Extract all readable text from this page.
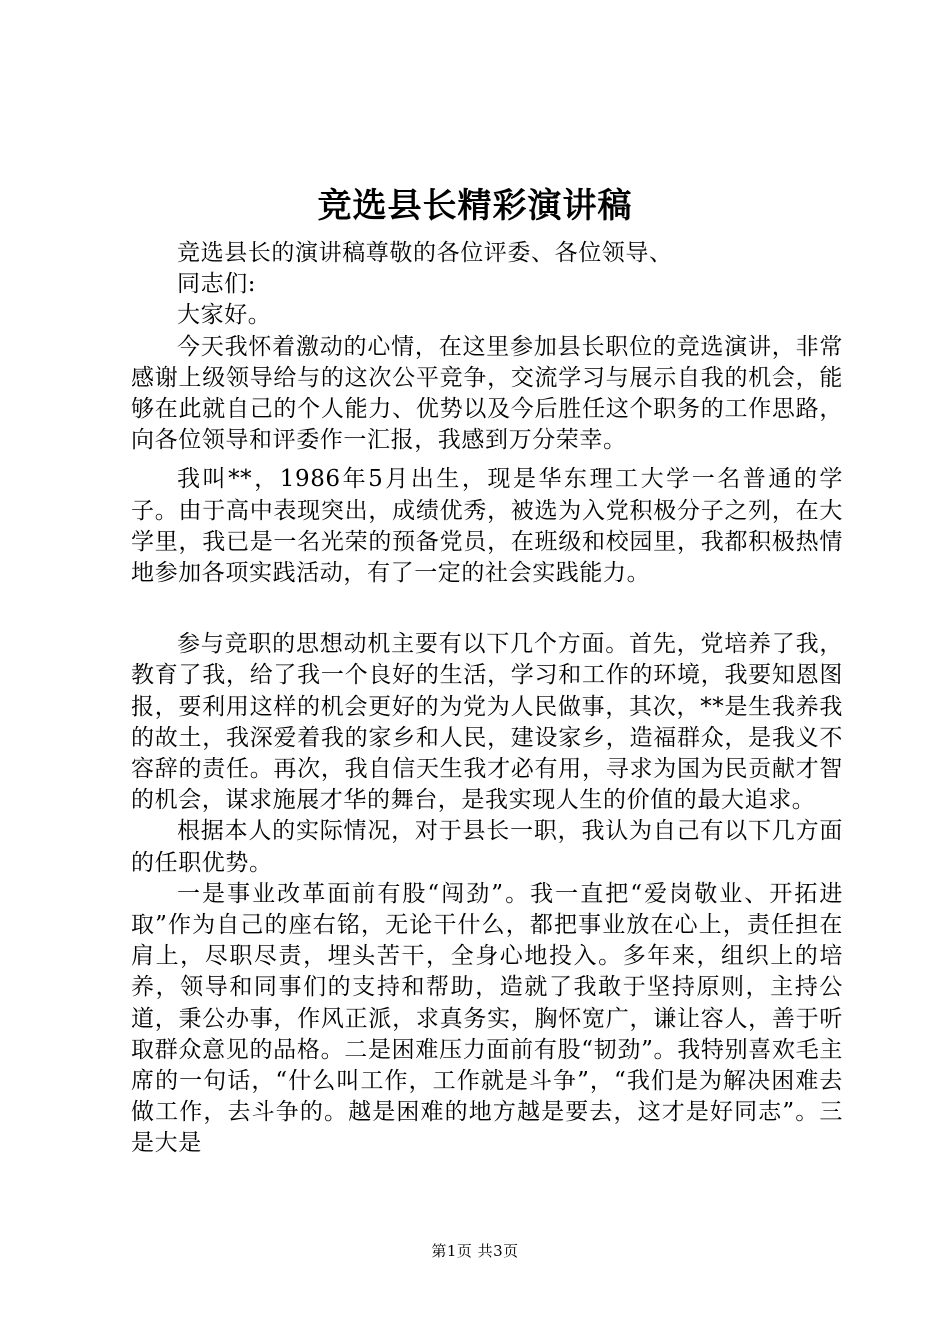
竞选县长精彩演讲稿

竞选县长的演讲稿尊敬的各位评委、各位领导、

同志们:

大家好。

今天我怀着激动的心情，在这里参加县长职位的竞选演讲，非常感谢上级领导给与的这次公平竞争，交流学习与展示自我的机会，能够在此就自己的个人能力、优势以及今后胜任这个职务的工作思路，向各位领导和评委作一汇报，我感到万分荣幸。

我叫**，1986年5月出生，现是华东理工大学一名普通的学子。由于高中表现突出，成绩优秀，被选为入党积极分子之列，在大学里，我已是一名光荣的预备党员，在班级和校园里，我都积极热情地参加各项实践活动，有了一定的社会实践能力。

参与竞职的思想动机主要有以下几个方面。首先，党培养了我，教育了我，给了我一个良好的生活，学习和工作的环境，我要知恩图报，要利用这样的机会更好的为党为人民做事，其次，**是生我养我的故土，我深爱着我的家乡和人民，建设家乡，造福群众，是我义不容辞的责任。再次，我自信天生我才必有用，寻求为国为民贡献才智的机会，谋求施展才华的舞台，是我实现人生的价值的最大追求。

根据本人的实际情况，对于县长一职，我认为自己有以下几方面的任职优势。

一是事业改革面前有股“闯劲”。我一直把“爱岗敬业、开拓进取”作为自己的座右铭，无论干什么，都把事业放在心上，责任担在肩上，尽职尽责，埋头苦干，全身心地投入。多年来，组织上的培养，领导和同事们的支持和帮助，造就了我敢于坚持原则，主持公道，秉公办事，作风正派，求真务实，胸怀宽广，谦让容人，善于听取群众意见的品格。二是困难压力面前有股“韧劲”。我特别喜欢毛主席的一句话，“什么叫工作，工作就是斗争”，“我们是为解决困难去做工作，去斗争的。越是困难的地方越是要去，这才是好同志”。三是大是

第1页 共3页
